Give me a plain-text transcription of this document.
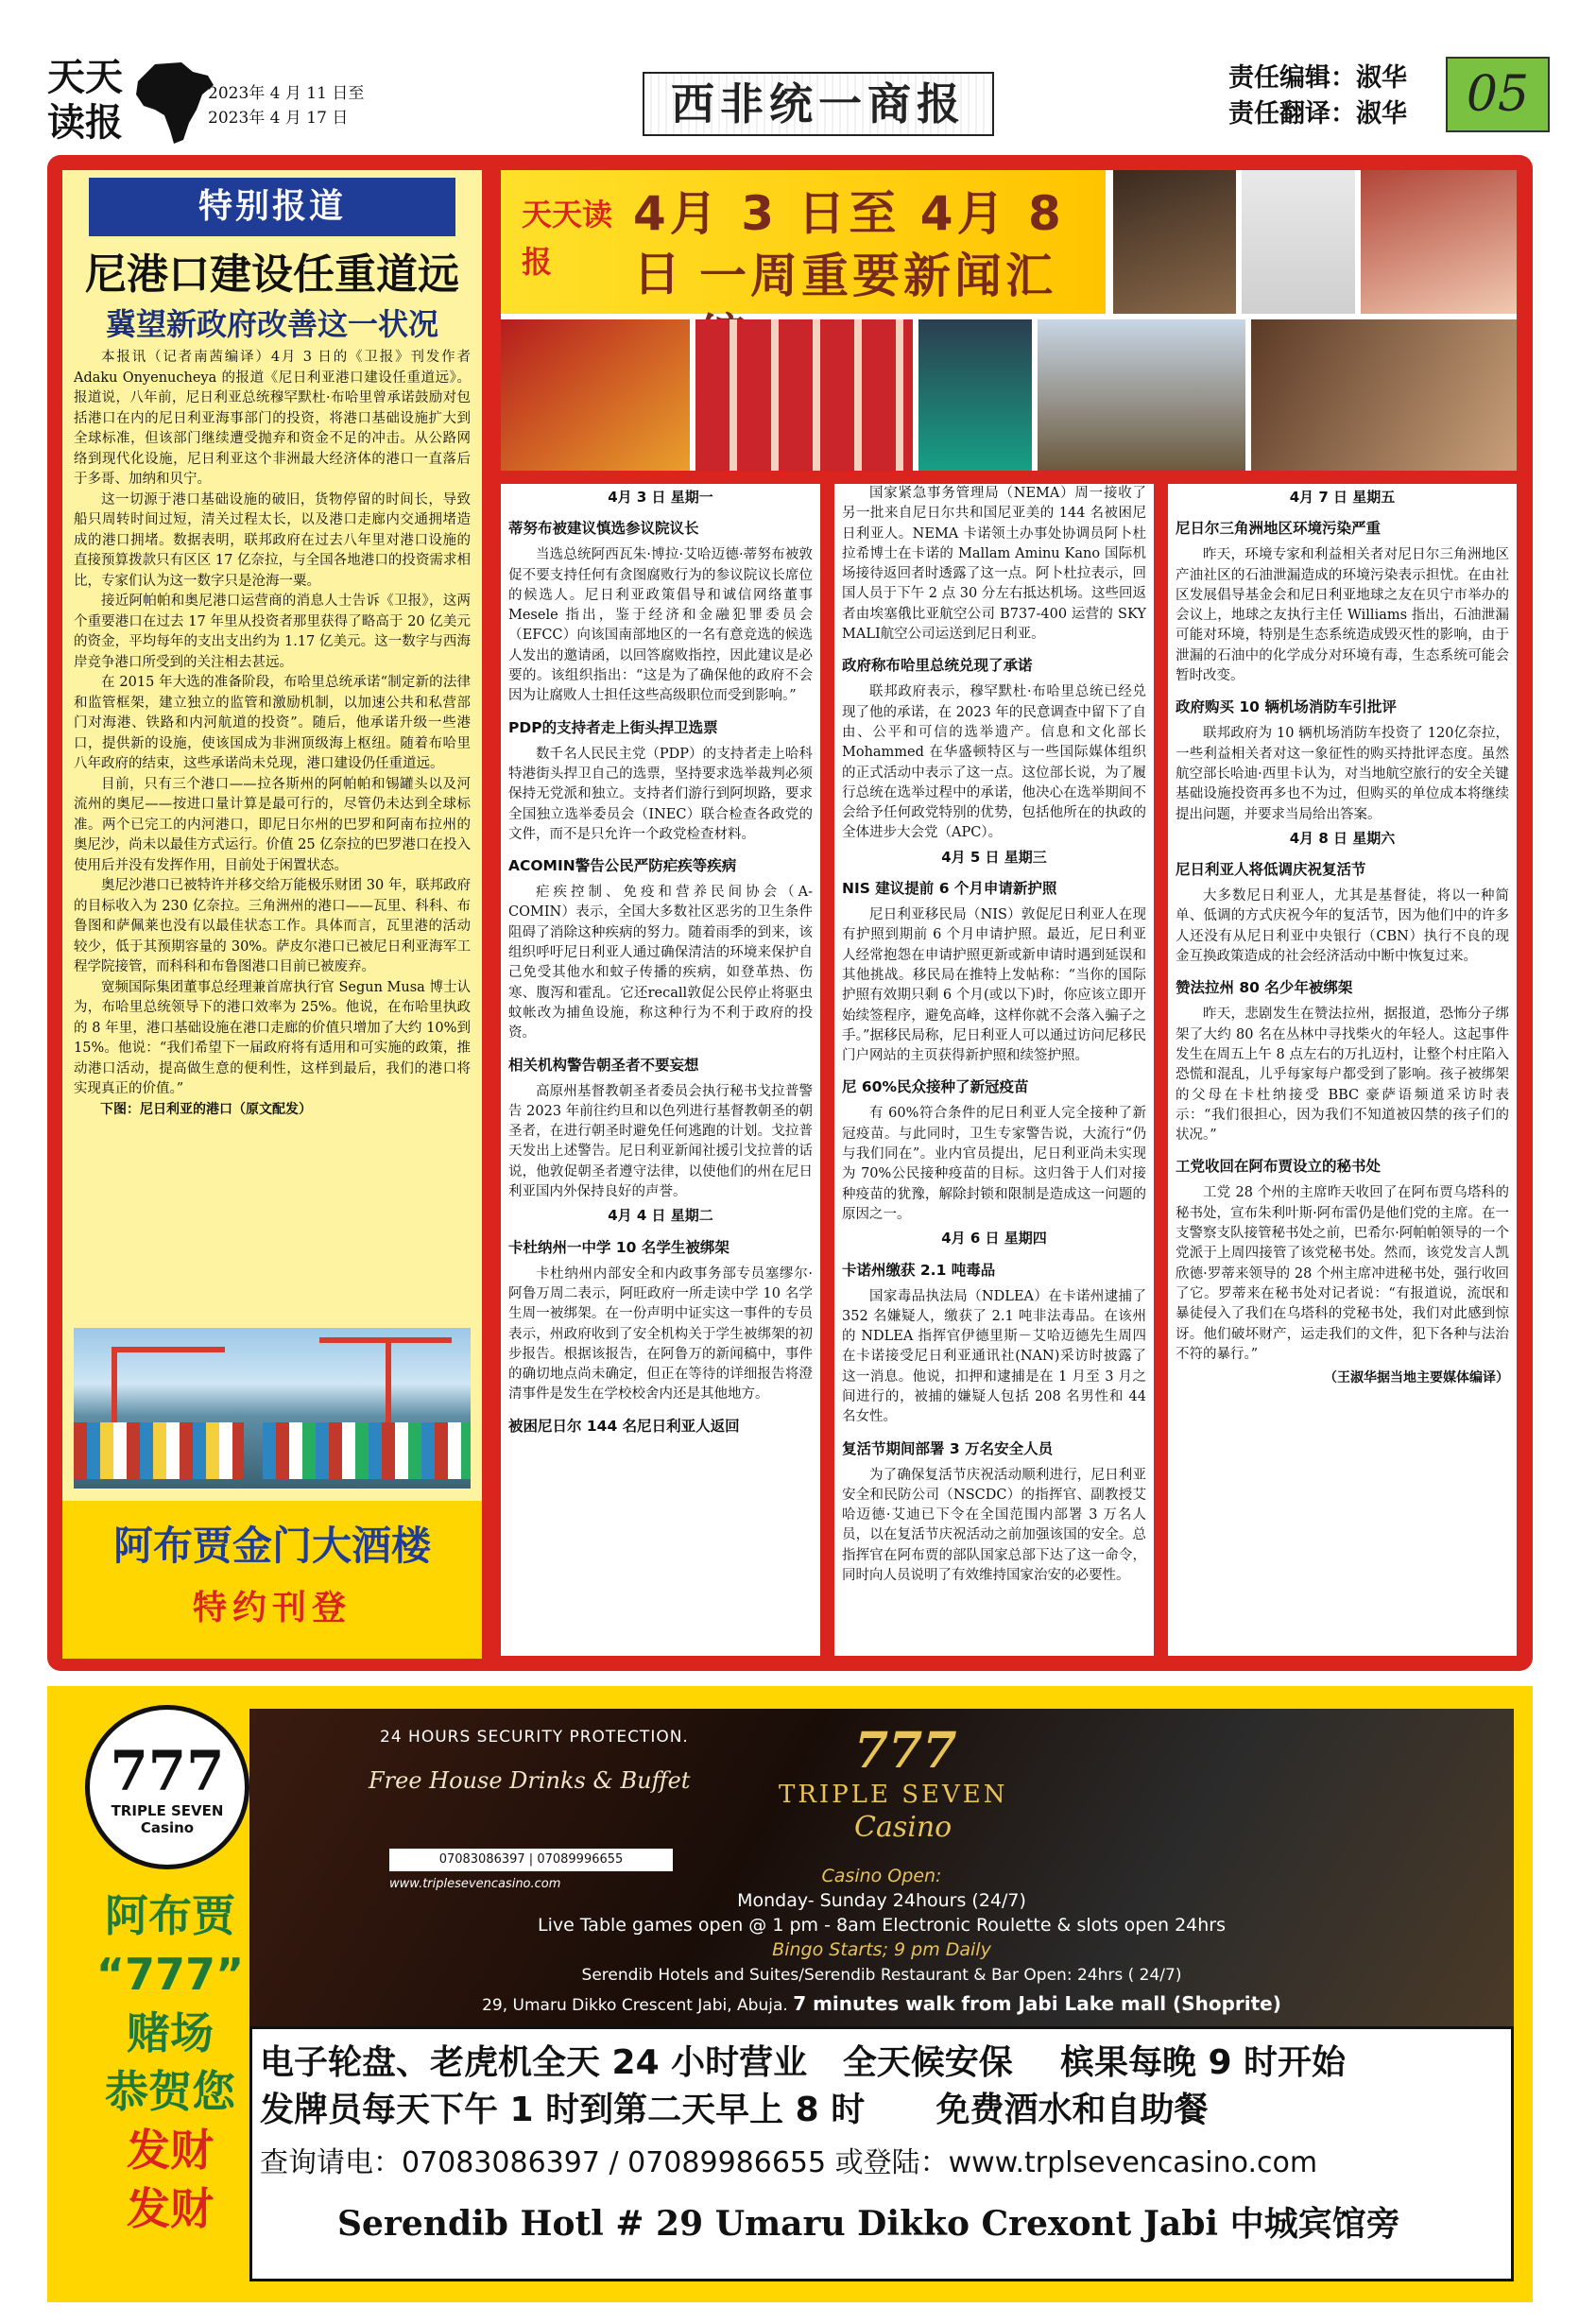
天天
读报
2023年 4 月 11 日至
2023年 4 月 17 日	西非统一商报
责任编辑：淑华
责任翻译：淑华	05
特别报道
尼港口建设任重道远
冀望新政府改善这一状况

本报讯（记者南茜编译）4月 3 日的《卫报》刊发作者 Adaku Onyenucheya 的报道《尼日利亚港口建设任重道远》。报道说，八年前，尼日利亚总统穆罕默杜·布哈里曾承诺鼓励对包括港口在内的尼日利亚海事部门的投资，将港口基础设施扩大到全球标准，但该部门继续遭受抛弃和资金不足的冲击。从公路网络到现代化设施，尼日利亚这个非洲最大经济体的港口一直落后于多哥、加纳和贝宁。

这一切源于港口基础设施的破旧，货物停留的时间长，导致船只周转时间过短，清关过程太长，以及港口走廊内交通拥堵造成的港口拥堵。数据表明，联邦政府在过去八年里对港口设施的直接预算拨款只有区区 17 亿奈拉，与全国各地港口的投资需求相比，专家们认为这一数字只是沧海一粟。

接近阿帕帕和奥尼港口运营商的消息人士告诉《卫报》，这两个重要港口在过去 17 年里从投资者那里获得了略高于 20 亿美元的资金，平均每年的支出支出约为 1.17 亿美元。这一数字与西海岸竞争港口所受到的关注相去甚远。

在 2015 年大选的准备阶段，布哈里总统承诺“制定新的法律和监管框架，建立独立的监管和激励机制，以加速公共和私营部门对海港、铁路和内河航道的投资”。随后，他承诺升级一些港口，提供新的设施，使该国成为非洲顶级海上枢纽。随着布哈里八年政府的结束，这些承诺尚未兑现，港口建设仍任重道远。

目前，只有三个港口——拉各斯州的阿帕帕和锡罐头以及河流州的奥尼——按进口量计算是最可行的，尽管仍未达到全球标准。两个已完工的内河港口，即尼日尔州的巴罗和阿南布拉州的奥尼沙，尚未以最佳方式运行。价值 25 亿奈拉的巴罗港口在投入使用后并没有发挥作用，目前处于闲置状态。

奥尼沙港口已被特许并移交给万能极乐财团 30 年，联邦政府的目标收入为 230 亿奈拉。三角洲州的港口——瓦里、科科、布鲁图和萨佩莱也没有以最佳状态工作。具体而言，瓦里港的活动较少，低于其预期容量的 30%。萨皮尔港口已被尼日利亚海军工程学院接管，而科科和布鲁图港口目前已被废弃。

宽频国际集团董事总经理兼首席执行官 Segun Musa 博士认为，布哈里总统领导下的港口效率为 25%。他说，在布哈里执政的 8 年里，港口基础设施在港口走廊的价值只增加了大约 10%到 15%。他说：“我们希望下一届政府将有适用和可实施的政策，推动港口活动，提高做生意的便利性，这样到最后，我们的港口将实现真正的价值。”

下图：尼日利亚的港口（原文配发）

阿布贾金门大酒楼
特约刊登
天天读报
4月 3 日至 4月 8 日 一周重要新闻汇
4月 3 日 星期一
蒂努布被建议慎选参议院议长

当选总统阿西瓦朱·博拉·艾哈迈德·蒂努布被敦促不要支持任何有贪图腐败行为的参议院议长席位的候选人。尼日利亚政策倡导和诚信网络董事 Mesele 指出，鉴于经济和金融犯罪委员会（EFCC）向该国南部地区的一名有意竞选的候选人发出的邀请函，以回答腐败指控，因此建议是必要的。该组织指出：“这是为了确保他的政府不会因为让腐败人士担任这些高级职位而受到影响。”

PDP的支持者走上街头捍卫选票

数千名人民民主党（PDP）的支持者走上哈科特港街头捍卫自己的选票，坚持要求选举裁判必须保持无党派和独立。支持者们游行到阿坝路，要求全国独立选举委员会（INEC）联合检查各政党的文件，而不是只允许一个政党检查材料。

ACOMIN警告公民严防疟疾等疾病

疟疾控制、免疫和营养民间协会（A-COMIN）表示，全国大多数社区恶劣的卫生条件阻碍了消除这种疾病的努力。随着雨季的到来，该组织呼吁尼日利亚人通过确保清洁的环境来保护自己免受其他水和蚊子传播的疾病，如登革热、伤寒、腹泻和霍乱。它还recall敦促公民停止将驱虫蚊帐改为捕鱼设施，称这种行为不利于政府的投资。

相关机构警告朝圣者不要妄想

高原州基督教朝圣者委员会执行秘书戈拉普警告 2023 年前往约旦和以色列进行基督教朝圣的朝圣者，在进行朝圣时避免任何逃跑的计划。戈拉普天发出上述警告。尼日利亚新闻社援引戈拉普的话说，他敦促朝圣者遵守法律，以使他们的州在尼日利亚国内外保持良好的声誉。

4月 4 日 星期二
卡杜纳州一中学 10 名学生被绑架

卡杜纳州内部安全和内政事务部专员塞缪尔·阿鲁万周二表示，阿旺政府一所走读中学 10 名学生周一被绑架。在一份声明中证实这一事件的专员表示，州政府收到了安全机构关于学生被绑架的初步报告。根据该报告，在阿鲁万的新闻稿中，事件的确切地点尚未确定，但正在等待的详细报告将澄清事件是发生在学校校舍内还是其他地方。

被困尼日尔 144 名尼日利亚人返回

国家紧急事务管理局（NEMA）周一接收了另一批来自尼日尔共和国尼亚美的 144 名被困尼日利亚人。NEMA 卡诺领土办事处协调员阿卜杜拉希博士在卡诺的 Mallam Aminu Kano 国际机场接待返回者时透露了这一点。阿卜杜拉表示，回国人员于下午 2 点 30 分左右抵达机场。这些回返者由埃塞俄比亚航空公司 B737-400 运营的 SKY MALI航空公司运送到尼日利亚。

政府称布哈里总统兑现了承诺

联邦政府表示，穆罕默杜·布哈里总统已经兑现了他的承诺，在 2023 年的民意调查中留下了自由、公平和可信的选举遗产。信息和文化部长 Mohammed 在华盛顿特区与一些国际媒体组织的正式活动中表示了这一点。这位部长说，为了履行总统在选举过程中的承诺，他决心在选举期间不会给予任何政党特别的优势，包括他所在的执政的全体进步大会党（APC）。

4月 5 日 星期三
NIS 建议提前 6 个月申请新护照

尼日利亚移民局（NIS）敦促尼日利亚人在现有护照到期前 6 个月申请护照。最近，尼日利亚人经常抱怨在申请护照更新或新申请时遇到延误和其他挑战。移民局在推特上发帖称：“当你的国际护照有效期只剩 6 个月(或以下)时，你应该立即开始续签程序，避免高峰，这样你就不会落入骗子之手。”据移民局称，尼日利亚人可以通过访问尼移民门户网站的主页获得新护照和续签护照。

尼 60%民众接种了新冠疫苗

有 60%符合条件的尼日利亚人完全接种了新冠疫苗。与此同时，卫生专家警告说，大流行“仍与我们同在”。业内官员提出，尼日利亚尚未实现为 70%公民接种疫苗的目标。这归咎于人们对接种疫苗的犹豫，解除封锁和限制是造成这一问题的原因之一。

4月 6 日 星期四
卡诺州缴获 2.1 吨毒品

国家毒品执法局（NDLEA）在卡诺州逮捕了 352 名嫌疑人，缴获了 2.1 吨非法毒品。在该州的 NDLEA 指挥官伊德里斯－艾哈迈德先生周四在卡诺接受尼日利亚通讯社(NAN)采访时披露了这一消息。他说，扣押和逮捕是在 1 月至 3 月之间进行的，被捕的嫌疑人包括 208 名男性和 44 名女性。

复活节期间部署 3 万名安全人员

为了确保复活节庆祝活动顺利进行，尼日利亚安全和民防公司（NSCDC）的指挥官、副教授艾哈迈德·艾迪已下令在全国范围内部署 3 万名人员，以在复活节庆祝活动之前加强该国的安全。总指挥官在阿布贾的部队国家总部下达了这一命令，同时向人员说明了有效维持国家治安的必要性。

4月 7 日 星期五
尼日尔三角洲地区环境污染严重

昨天，环境专家和利益相关者对尼日尔三角洲地区产油社区的石油泄漏造成的环境污染表示担忧。在由社区发展倡导基金会和尼日利亚地球之友在贝宁市举办的会议上，地球之友执行主任 Williams 指出，石油泄漏可能对环境，特别是生态系统造成毁灭性的影响，由于泄漏的石油中的化学成分对环境有毒，生态系统可能会暂时改变。

政府购买 10 辆机场消防车引批评

联邦政府为 10 辆机场消防车投资了 120亿奈拉，一些利益相关者对这一象征性的购买持批评态度。虽然航空部长哈迪·西里卡认为，对当地航空旅行的安全关键基础设施投资再多也不为过，但购买的单位成本将继续提出问题，并要求当局给出答案。

4月 8 日 星期六
尼日利亚人将低调庆祝复活节

大多数尼日利亚人，尤其是基督徒，将以一种简单、低调的方式庆祝今年的复活节，因为他们中的许多人还没有从尼日利亚中央银行（CBN）执行不良的现金互换政策造成的社会经济活动中断中恢复过来。

赞法拉州 80 名少年被绑架

昨天，悲剧发生在赞法拉州，据报道，恐怖分子绑架了大约 80 名在丛林中寻找柴火的年轻人。这起事件发生在周五上午 8 点左右的万扎迈村，让整个村庄陷入恐慌和混乱，儿乎每家每户都受到了影响。孩子被绑架的父母在卡杜纳接受 BBC 豪萨语频道采访时表示：“我们很担心，因为我们不知道被囚禁的孩子们的状况。”

工党收回在阿布贾设立的秘书处

工党 28 个州的主席昨天收回了在阿布贾乌塔科的秘书处，宣布朱利叶斯·阿布雷仍是他们党的主席。在一支警察支队接管秘书处之前，巴希尔·阿帕帕领导的一个党派于上周四接管了该党秘书处。然而，该党发言人凯欣德·罗蒂来领导的 28 个州主席冲进秘书处，强行收回了它。罗蒂来在秘书处对记者说：“有报道说，流氓和暴徒侵入了我们在乌塔科的党秘书处，我们对此感到惊讶。他们破坏财产，运走我们的文件，犯下各种与法治不符的暴行。”

（王淑华据当地主要媒体编译）
777
TRIPLE SEVEN
Casino
阿布贾
“777”
赌场
恭贺您
发财
发财
24 HOURS SECURITY PROTECTION.
Free House Drinks & Buffet
07083086397 | 07089996655
www.triplesevencasino.com
777
TRIPLE SEVEN
Casino
Casino Open:
Monday- Sunday 24hours (24/7)
Live Table games open @ 1 pm - 8am Electronic Roulette & slots open 24hrs
Bingo Starts; 9 pm Daily
Serendib Hotels and Suites/Serendib Restaurant & Bar Open: 24hrs ( 24/7)
29, Umaru Dikko Crescent Jabi, Abuja. 7 minutes walk from Jabi Lake mall (Shoprite)
电子轮盘、老虎机全天 24 小时营业 全天候安保 槟果每晚 9 时开始
发牌员每天下午 1 时到第二天早上 8 时 免费酒水和自助餐
查询请电：07083086397 / 07089986655 或登陆：www.trplsevencasino.com
Serendib Hotl # 29 Umaru Dikko Crexont Jabi 中城宾馆旁
